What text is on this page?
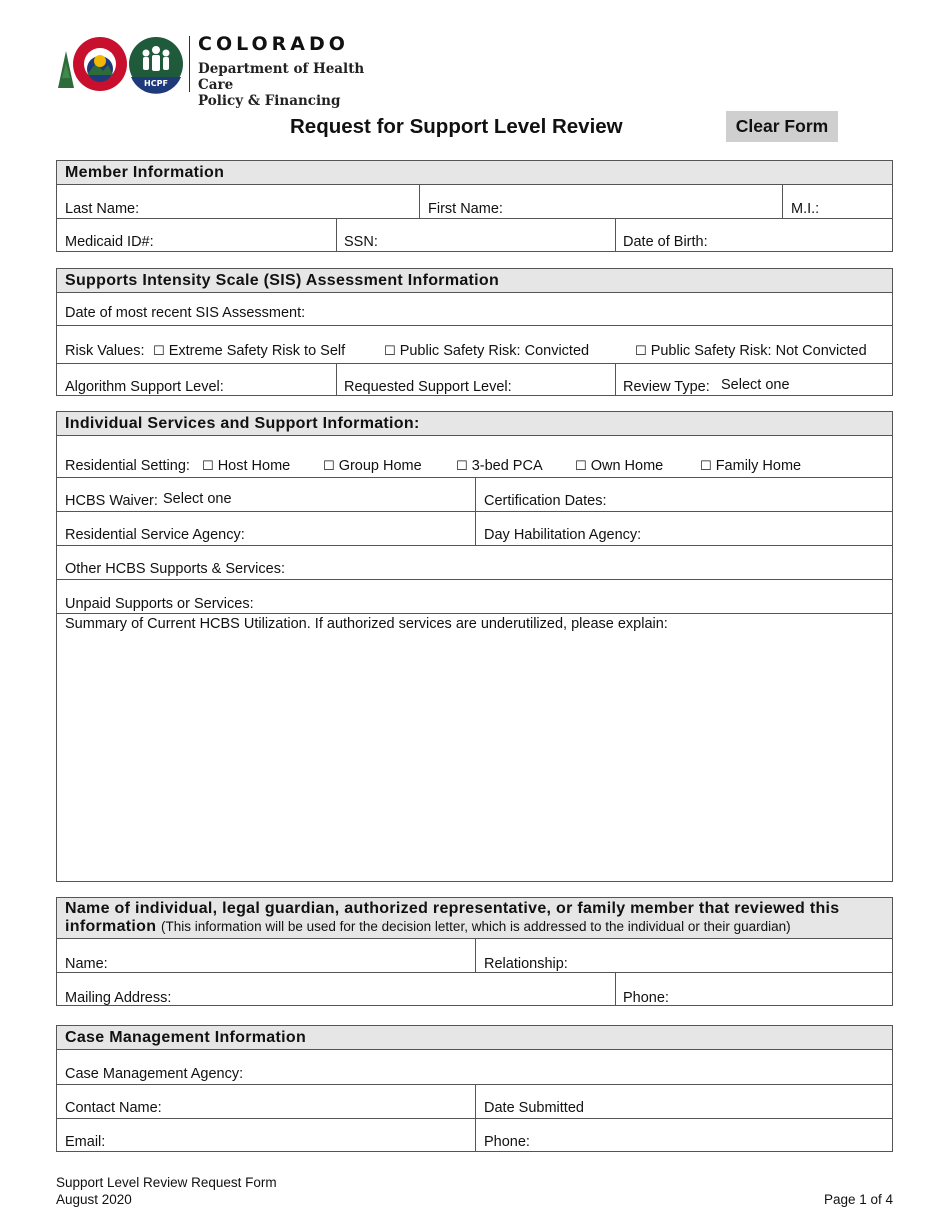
HCPF
COLORADO
Department of Health Care
Policy & Financing
Request for Support Level Review	Clear Form
Member Information
Last Name:	First Name:	M.I.:
Medicaid ID#:	SSN:	Date of Birth:
Supports Intensity Scale (SIS) Assessment Information
Date of most recent SIS Assessment:
Risk Values: ☐ Extreme Safety Risk to Self	☐ Public Safety Risk: Convicted	☐ Public Safety Risk: Not Convicted
Algorithm Support Level:	Requested Support Level:	Review Type: Select one
Individual Services and Support Information:
Residential Setting: ☐ Host Home	☐ Group Home	☐ 3-bed PCA ☐ Own Home	☐ Family Home
HCBS Waiver: Select one	Certification Dates:
Residential Service Agency:	Day Habilitation Agency:
Other HCBS Supports & Services:
Unpaid Supports or Services:
Summary of Current HCBS Utilization. If authorized services are underutilized, please explain:
Name of individual, legal guardian, authorized representative, or family member that reviewed this
information (This information will be used for the decision letter, which is addressed to the individual or their guardian)
Name:	Relationship:
Mailing Address:	Phone:
Case Management Information
Case Management Agency:
Contact Name:	Date Submitted
Email:	Phone:
Support Level Review Request Form
August 2020	Page 1 of 4
